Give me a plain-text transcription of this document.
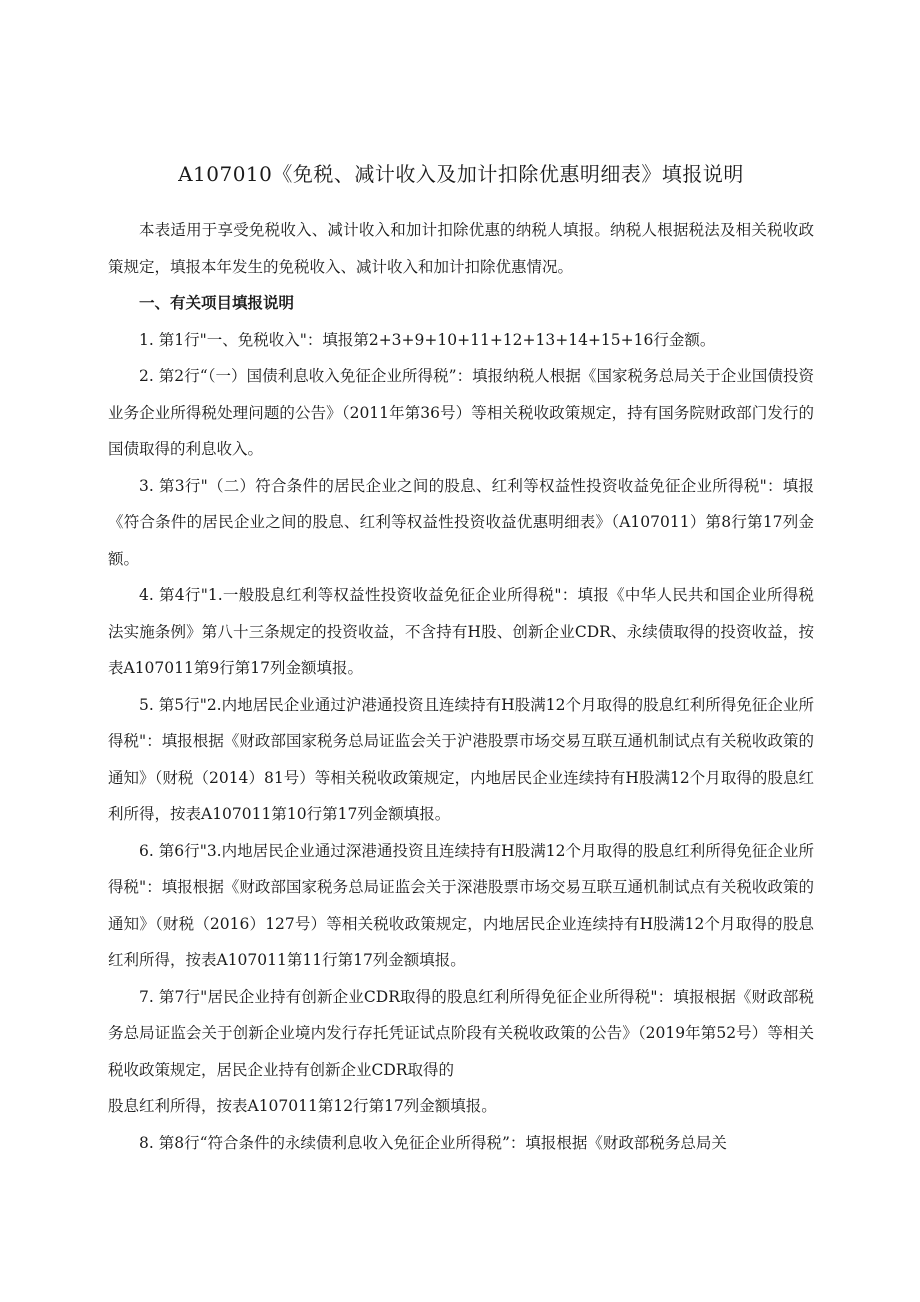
A107010《免税、减计收入及加计扣除优惠明细表》填报说明

本表适用于享受免税收入、减计收入和加计扣除优惠的纳税人填报。纳税人根据税法及相关税收政策规定，填报本年发生的免税收入、减计收入和加计扣除优惠情况。

一、有关项目填报说明

1. 第1行"一、免税收入"：填报第2+3+9+10+11+12+13+14+15+16行金额。

2. 第2行“（一）国债利息收入免征企业所得税”：填报纳税人根据《国家税务总局关于企业国债投资业务企业所得税处理问题的公告》（2011年第36号）等相关税收政策规定，持有国务院财政部门发行的国债取得的利息收入。

3. 第3行"（二）符合条件的居民企业之间的股息、红利等权益性投资收益免征企业所得税"：填报《符合条件的居民企业之间的股息、红利等权益性投资收益优惠明细表》（A107011）第8行第17列金额。

4. 第4行"1.一般股息红利等权益性投资收益免征企业所得税"：填报《中华人民共和国企业所得税法实施条例》第八十三条规定的投资收益，不含持有H股、创新企业CDR、永续债取得的投资收益，按表A107011第9行第17列金额填报。

5. 第5行"2.内地居民企业通过沪港通投资且连续持有H股满12个月取得的股息红利所得免征企业所得税"：填报根据《财政部国家税务总局证监会关于沪港股票市场交易互联互通机制试点有关税收政策的通知》（财税（2014）81号）等相关税收政策规定，内地居民企业连续持有H股满12个月取得的股息红利所得，按表A107011第10行第17列金额填报。

6. 第6行"3.内地居民企业通过深港通投资且连续持有H股满12个月取得的股息红利所得免征企业所得税"：填报根据《财政部国家税务总局证监会关于深港股票市场交易互联互通机制试点有关税收政策的通知》（财税（2016）127号）等相关税收政策规定，内地居民企业连续持有H股满12个月取得的股息红利所得，按表A107011第11行第17列金额填报。

7. 第7行"居民企业持有创新企业CDR取得的股息红利所得免征企业所得税"：填报根据《财政部税务总局证监会关于创新企业境内发行存托凭证试点阶段有关税收政策的公告》（2019年第52号）等相关税收政策规定，居民企业持有创新企业CDR取得的

股息红利所得，按表A107011第12行第17列金额填报。

8. 第8行“符合条件的永续债利息收入免征企业所得税”：填报根据《财政部税务总局关
